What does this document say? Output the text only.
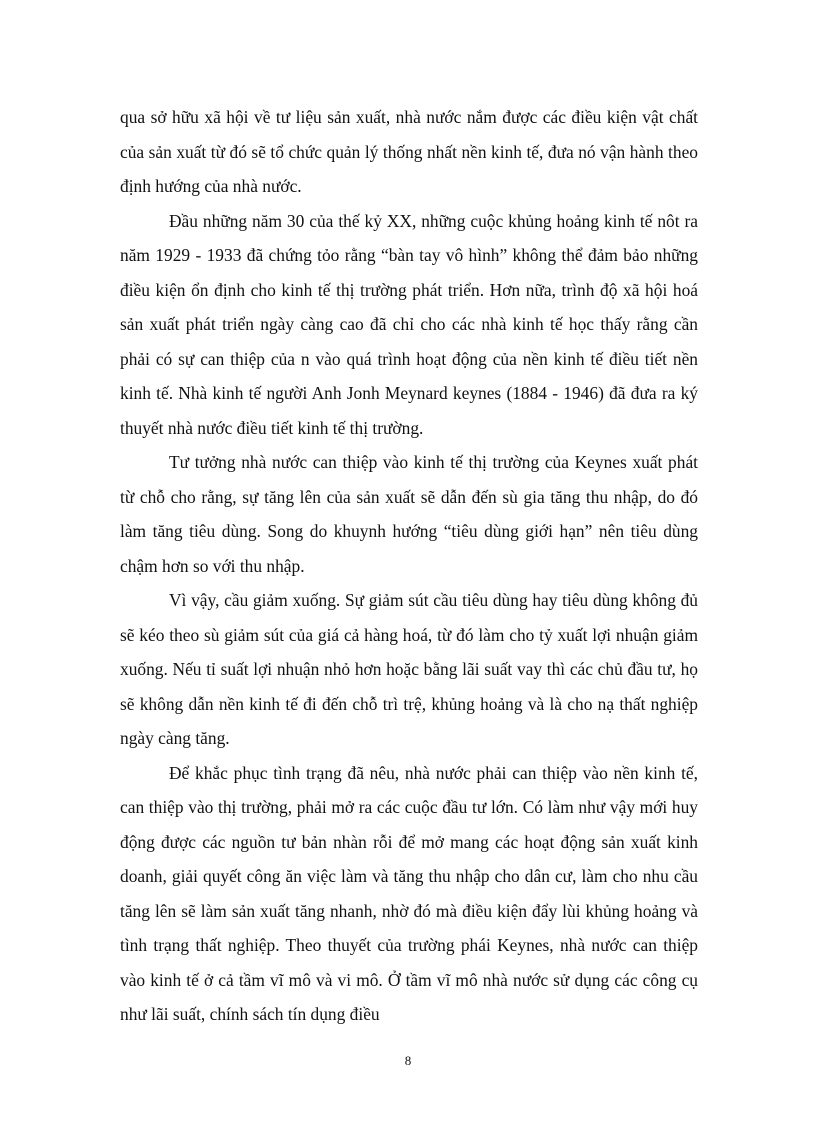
qua sở hữu xã hội về tư liệu sản xuất, nhà nước nắm được các điều kiện vật chất của sản xuất từ đó sẽ tổ chức quản lý thống nhất nền kinh tế, đưa nó vận hành theo định hướng của nhà nước.

Đầu những năm 30 của thế kỷ XX, những cuộc khủng hoảng kinh tế nôt ra năm 1929 - 1933 đã chứng tỏo rằng “bàn tay vô hình” không thể đảm bảo những điều kiện ổn định cho kinh tế thị trường phát triển. Hơn nữa, trình độ xã hội hoá sản xuất phát triển ngày càng cao đã chỉ cho các nhà kinh tế học thấy rằng cần phải có sự can thiệp của n vào quá trình hoạt động của nền kinh tế điều tiết nền kinh tế. Nhà kinh tế người Anh Jonh Meynard keynes (1884 - 1946) đã đưa ra ký thuyết nhà nước điều tiết kinh tế thị trường.

Tư tưởng nhà nước can thiệp vào kinh tế thị trường của Keynes xuất phát từ chỗ cho rằng, sự tăng lên của sản xuất sẽ dẫn đến sù gia tăng thu nhập, do đó làm tăng tiêu dùng. Song do khuynh hướng “tiêu dùng giới hạn” nên tiêu dùng chậm hơn so với thu nhập.

Vì vậy, cầu giảm xuống. Sự giảm sút cầu tiêu dùng hay tiêu dùng không đủ sẽ kéo theo sù giảm sút của giá cả hàng hoá, từ đó làm cho tỷ xuất lợi nhuận giảm xuống. Nếu tỉ suất lợi nhuận nhỏ hơn hoặc bằng lãi suất vay thì các chủ đầu tư, họ sẽ không dẫn nền kinh tế đi đến chỗ trì trệ, khủng hoảng và là cho nạ thất nghiệp ngày càng tăng.

Để khắc phục tình trạng đã nêu, nhà nước phải can thiệp vào nền kinh tế, can thiệp vào thị trường, phải mở ra các cuộc đầu tư lớn. Có làm như vậy mới huy động được các nguồn tư bản nhàn rỗi để mở mang các hoạt động sản xuất kinh doanh, giải quyết công ăn việc làm và tăng thu nhập cho dân cư, làm cho nhu cầu tăng lên sẽ làm sản xuất tăng nhanh, nhờ đó mà điều kiện đẩy lùi khủng hoảng và tình trạng thất nghiệp. Theo thuyết của trường phái Keynes, nhà nước can thiệp vào kinh tế ở cả tầm vĩ mô và vi mô. Ở tầm vĩ mô nhà nước sử dụng các công cụ như lãi suất, chính sách tín dụng điều

8
